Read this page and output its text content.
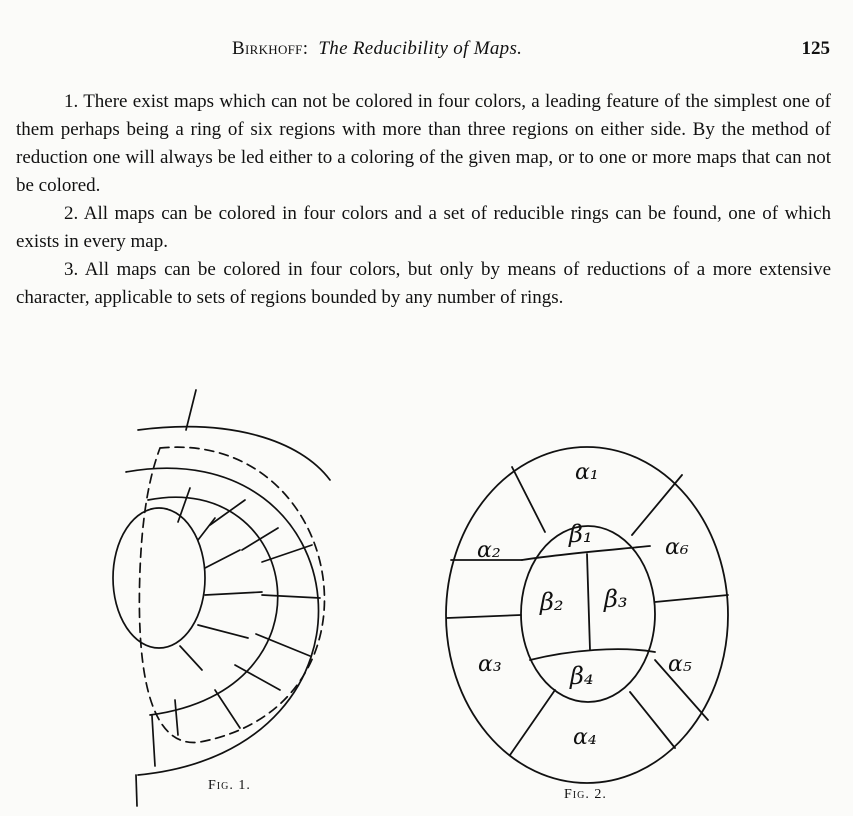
Birkhoff: The Reducibility of Maps.	125

1. There exist maps which can not be colored in four colors, a leading feature of the simplest one of them perhaps being a ring of six regions with more than three regions on either side. By the method of reduction one will always be led either to a coloring of the given map, or to one or more maps that can not be colored.

2. All maps can be colored in four colors and a set of reducible rings can be found, one of which exists in every map.

3. All maps can be colored in four colors, but only by means of reductions of a more extensive character, applicable to sets of regions bounded by any number of rings.

α₁
α₂	α₆
α₃	α₅
α₄
β₁
β₂ β₃
β₄
Fig. 1.
Fig. 2.
